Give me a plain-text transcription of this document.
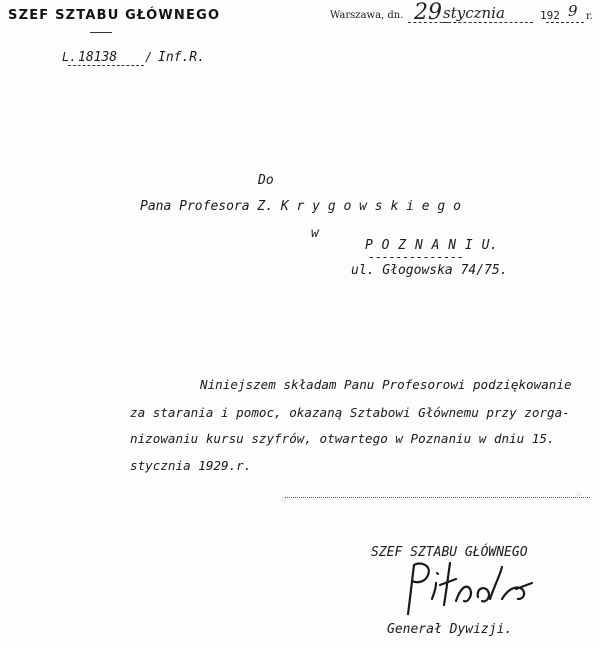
SZEF SZTABU GŁÓWNEGO	Warszawa, dn. 29 stycznia	192 9 r.
L. 18138 / Inf.R.
Do
Pana Profesora Z. K r y g o w s k i e g o
w
P O Z N A N I U.
--------------
ul. Głogowska 74/75.
Niniejszem składam Panu Profesorowi podziękowanie
za starania i pomoc, okazaną Sztabowi Głównemu przy zorga-
nizowaniu kursu szyfrów, otwartego w Poznaniu w dniu 15.
stycznia 1929.r.
SZEF SZTABU GŁÓWNEGO
Generał Dywizji.
